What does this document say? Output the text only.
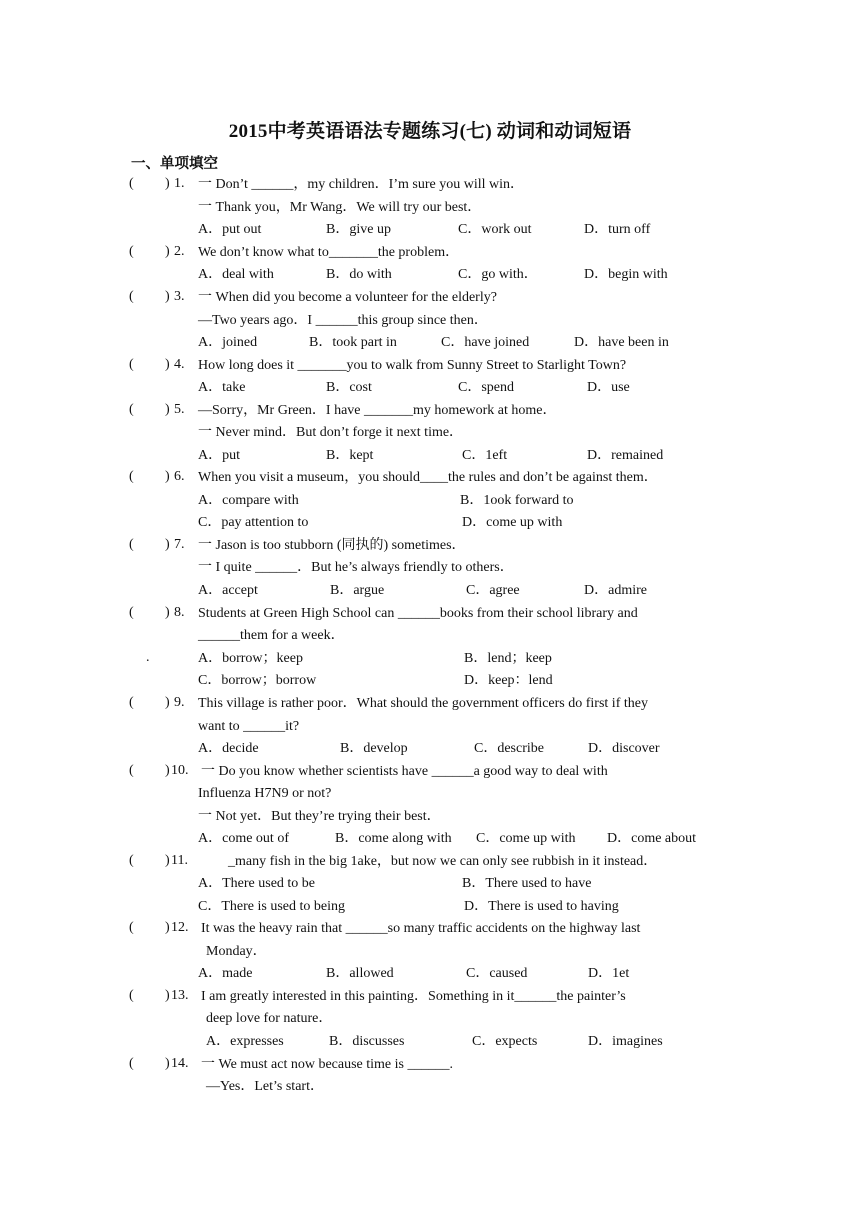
2015中考英语语法专题练习(七) 动词和动词短语
一、单项填空
( ) 1. 一 Don’t ______，my children．I’m sure you will win．
一 Thank you，Mr Wang．We will try our best．
A．put out	B．give up	C．work out	D．turn off
( ) 2. We don’t know what to_______the problem．
A．deal with	B．do with	C．go with．	D．begin with
( ) 3. 一 When did you become a volunteer for the elderly?
—Two years ago．I ______this group since then．
A．joined	B．took part in	C．have joined	D．have been in
( ) 4. How long does it _______you to walk from Sunny Street to Starlight Town?
A．take	B．cost	C．spend	D．use
( ) 5. —Sorry，Mr Green．I have _______my homework at home．
一 Never mind．But don’t forge it next time．
A．put	B．kept	C．1eft	D．remained
( ) 6. When you visit a museum，you should____the rules and don’t be against them．
A．compare with	B．1ook forward to
C．pay attention to	D．come up with
( ) 7. 一 Jason is too stubborn (同执的) sometimes．
一 I quite ______．But he’s always friendly to others．
A．accept	B．argue	C．agree	D．admire
( ) 8. Students at Green High School can ______books from their school library and
______them for a week．
.	A．borrow；keep	B．lend；keep
C．borrow；borrow	D．keep：lend
( ) 9. This village is rather poor．What should the government officers do first if they
want to ______it?
A．decide	B．develop	C．describe	D．discover
( ) 10. 一 Do you know whether scientists have ______a good way to deal with
Influenza H7N9 or not?
一 Not yet．But they’re trying their best．
A．come out of	B．come along with C．come up with D．come about
( ) 11.	_many fish in the big 1ake，but now we can only see rubbish in it instead．
A．There used to be	B．There used to have
C．There is used to being	D．There is used to having
( ) 12. It was the heavy rain that ______so many traffic accidents on the highway last
Monday．
A．made	B．allowed	C．caused	D．1et
( ) 13. I am greatly interested in this painting．Something in it______the painter’s
deep love for nature．
A．expresses	B．discusses	C．expects	D．imagines
( ) 14. 一 We must act now because time is ______.
—Yes．Let’s start．
